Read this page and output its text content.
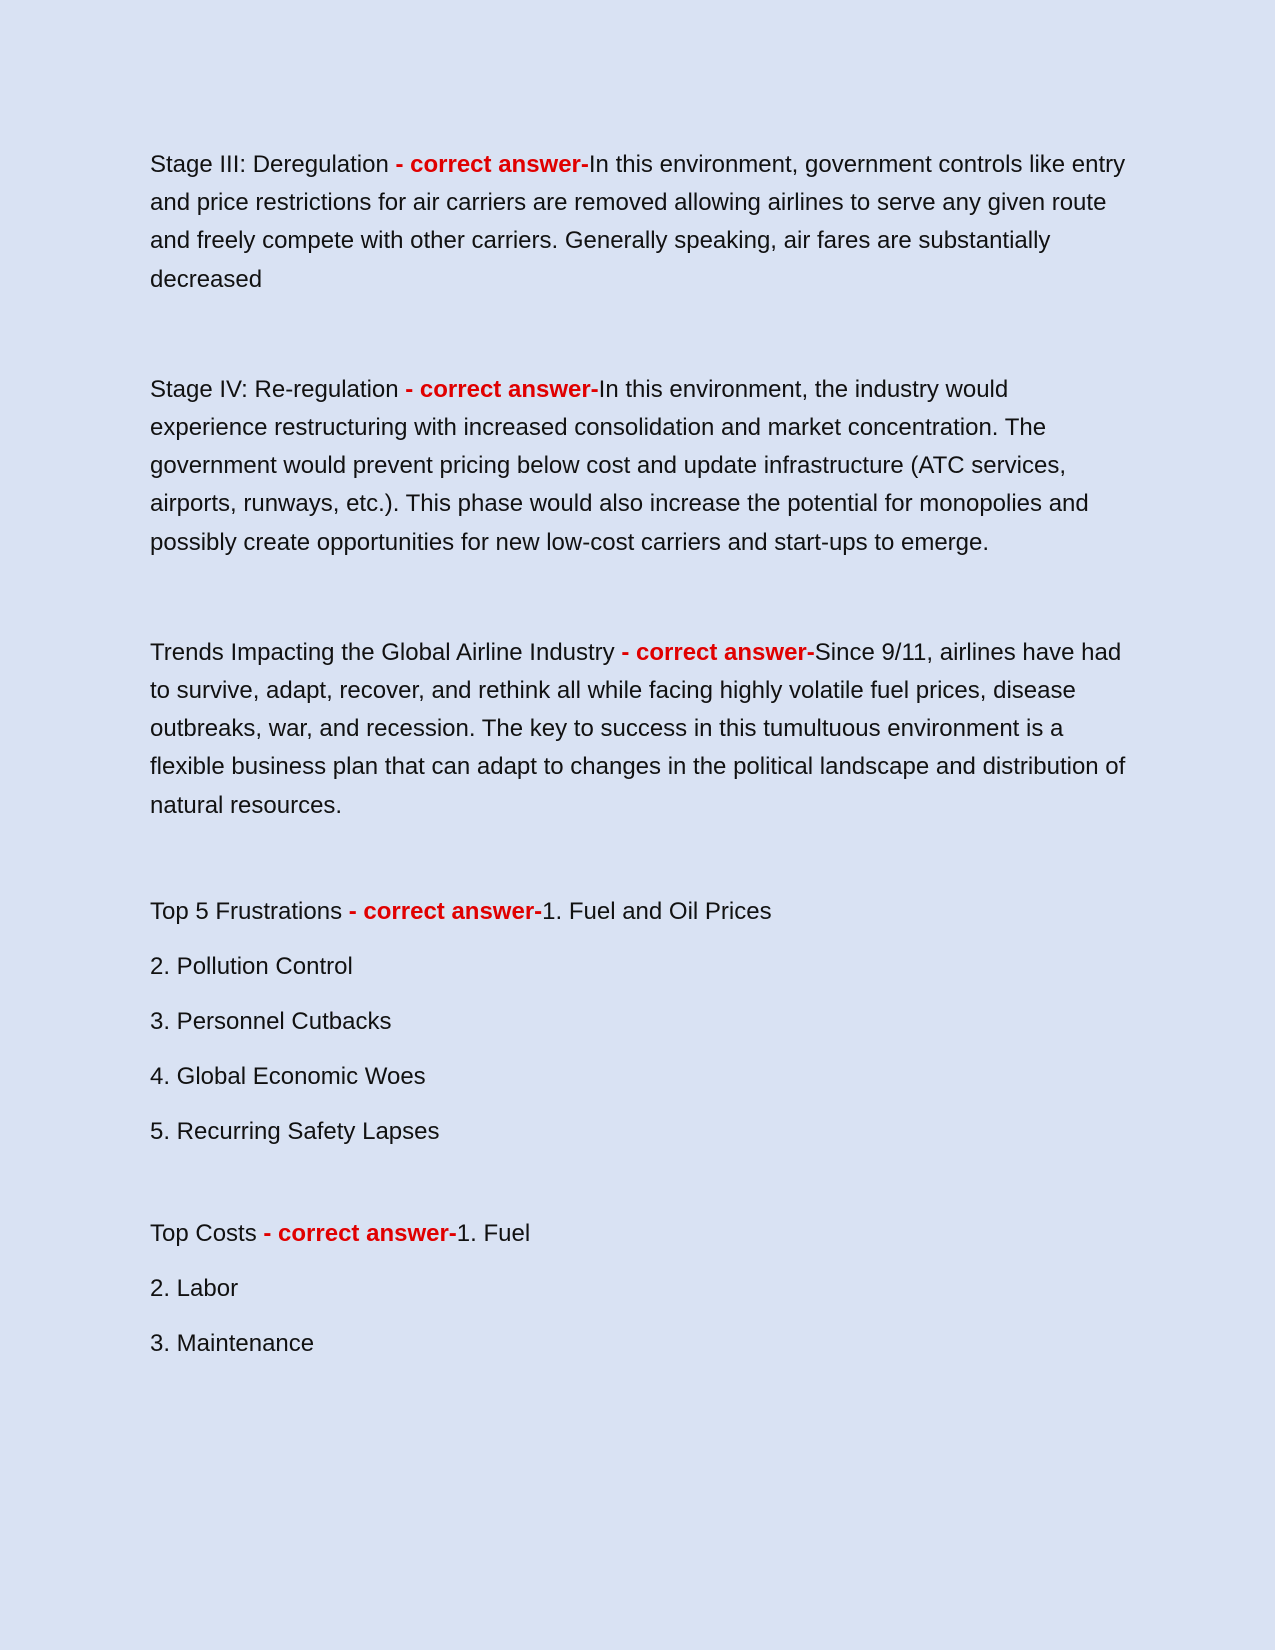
Stage III: Deregulation - correct answer-In this environment, government controls like entry and price restrictions for air carriers are removed allowing airlines to serve any given route and freely compete with other carriers. Generally speaking, air fares are substantially decreased

Stage IV: Re-regulation - correct answer-In this environment, the industry would experience restructuring with increased consolidation and market concentration. The government would prevent pricing below cost and update infrastructure (ATC services, airports, runways, etc.). This phase would also increase the potential for monopolies and possibly create opportunities for new low-cost carriers and start-ups to emerge.

Trends Impacting the Global Airline Industry - correct answer-Since 9/11, airlines have had to survive, adapt, recover, and rethink all while facing highly volatile fuel prices, disease outbreaks, war, and recession. The key to success in this tumultuous environment is a flexible business plan that can adapt to changes in the political landscape and distribution of natural resources.

Top 5 Frustrations - correct answer-1. Fuel and Oil Prices

2. Pollution Control

3. Personnel Cutbacks

4. Global Economic Woes

5. Recurring Safety Lapses

Top Costs - correct answer-1. Fuel

2. Labor

3. Maintenance
